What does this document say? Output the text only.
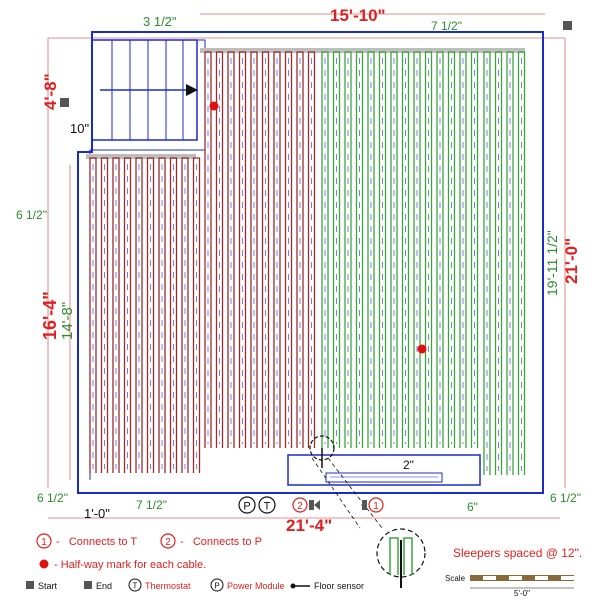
3 1/2"	15'-10"
7 1/2"
4'-8"
10"
6 1/2"
16'-4" 14'-8"
19'-11 1/2" 21'-0"
6 1/2"	7 1/2"
1'-0"
21'-4"
6"
6 1/2"
2"
P T	2	1
1 -   Connects to T	2 -   Connects to P
- Half-way mark for each cable.
Start	End	T Thermostat	P Power Module	Floor sensor
Sleepers spaced @ 12".
Scale
5'-0"
